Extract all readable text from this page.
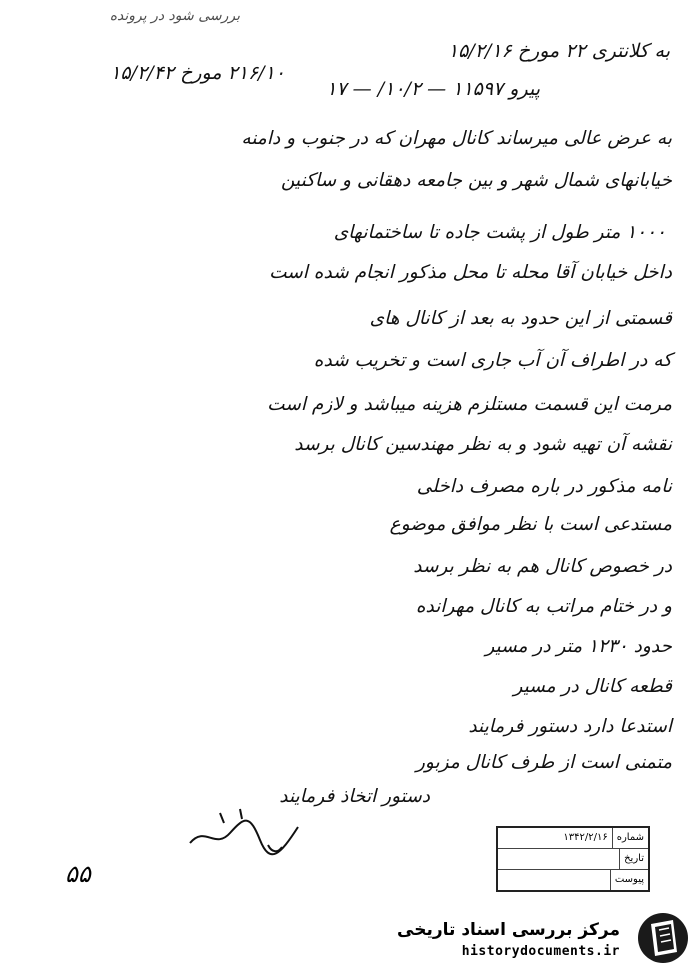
بررسی شود در پرونده
به کلانتری ۲۲ مورخ ۱۵/۲/۱۶
۲۱۶/۱۰ مورخ ۱۵/۲/۴۲
پیرو ۱۱۵۹۷ — ۱۰/۲/ — ۱۷
به عرض عالی میرساند کانال مهران که در جنوب و دامنه
خیابانهای شمال شهر و بین جامعه دهقانی و ساکنین
۱۰۰۰ متر طول از پشت جاده تا ساختمانهای
داخل خیابان آقا محله تا محل مذکور انجام شده است
قسمتی از این حدود به بعد از کانال های
که در اطراف آن آب جاری است و تخریب شده
مرمت این قسمت مستلزم هزینه میباشد و لازم است
نقشه آن تهیه شود و به نظر مهندسین کانال برسد
نامه مذکور در باره مصرف داخلی
مستدعی است با نظر موافق موضوع
در خصوص کانال هم به نظر برسد
و در ختام مراتب به کانال مهرانده
حدود ۱۲۳۰ متر در مسیر
قطعه کانال در مسیر
استدعا دارد دستور فرمایند
متمنی است از طرف کانال مزبور
دستور اتخاذ فرمایند
۵۵
شماره
۱۳۴۲/۲/۱۶
تاریخ
پیوست
مرکز بررسی اسناد تاریخی
historydocuments.ir
